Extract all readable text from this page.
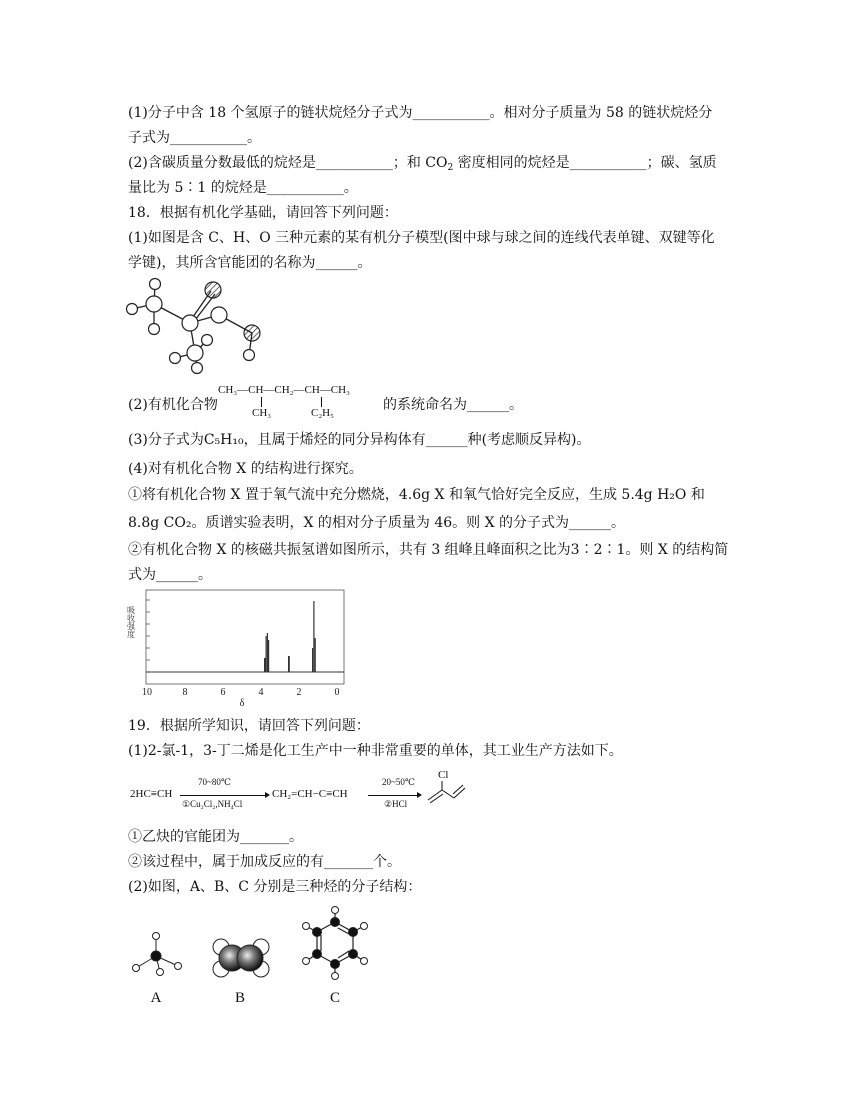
(1)分子中含 18 个氢原子的链状烷烃分子式为___________。相对分子质量为 58 的链状烷烃分
子式为___________。
(2)含碳质量分数最低的烷烃是___________；和 $CO_2$ 密度相同的烷烃是___________；碳、氢质
量比为 5∶1 的烷烃是___________。
18．根据有机化学基础，请回答下列问题：
(1)如图是含 C、H、O 三种元素的某有机分子模型(图中球与球之间的连线代表单键、双键等化
学键)，其所含官能团的名称为______。
(2)有机化合物
CH₃—CH—CH₂—CH—CH₃
CH₃	C₂H₅	的系统命名为______。
(3)分子式为C₅H₁₀，且属于烯烃的同分异构体有______种(考虑顺反异构)。
(4)对有机化合物 X 的结构进行探究。
①将有机化合物 X 置于氧气流中充分燃烧，4.6g X 和氧气恰好完全反应，生成 5.4g H₂O 和
8.8g CO₂。质谱实验表明，X 的相对分子质量为 46。则 X 的分子式为______。
②有机化合物 X 的核磁共振氢谱如图所示，共有 3 组峰且峰面积之比为3∶2∶1。则 X 的结构简
式为______。
吸收强度
10	8	6	4	2	0
δ
19．根据所学知识，请回答下列问题：
(1)2-氯-1，3-丁二烯是化工生产中一种非常重要的单体，其工业生产方法如下。
2HC≡CH
70~80℃
①Cu₂Cl₂,NH₄Cl
CH₂=CH−C≡CH
20~50℃
②HCl
Cl
①乙炔的官能团为_______。
②该过程中，属于加成反应的有_______个。
(2)如图，A、B、C 分别是三种烃的分子结构：
A	B	C
